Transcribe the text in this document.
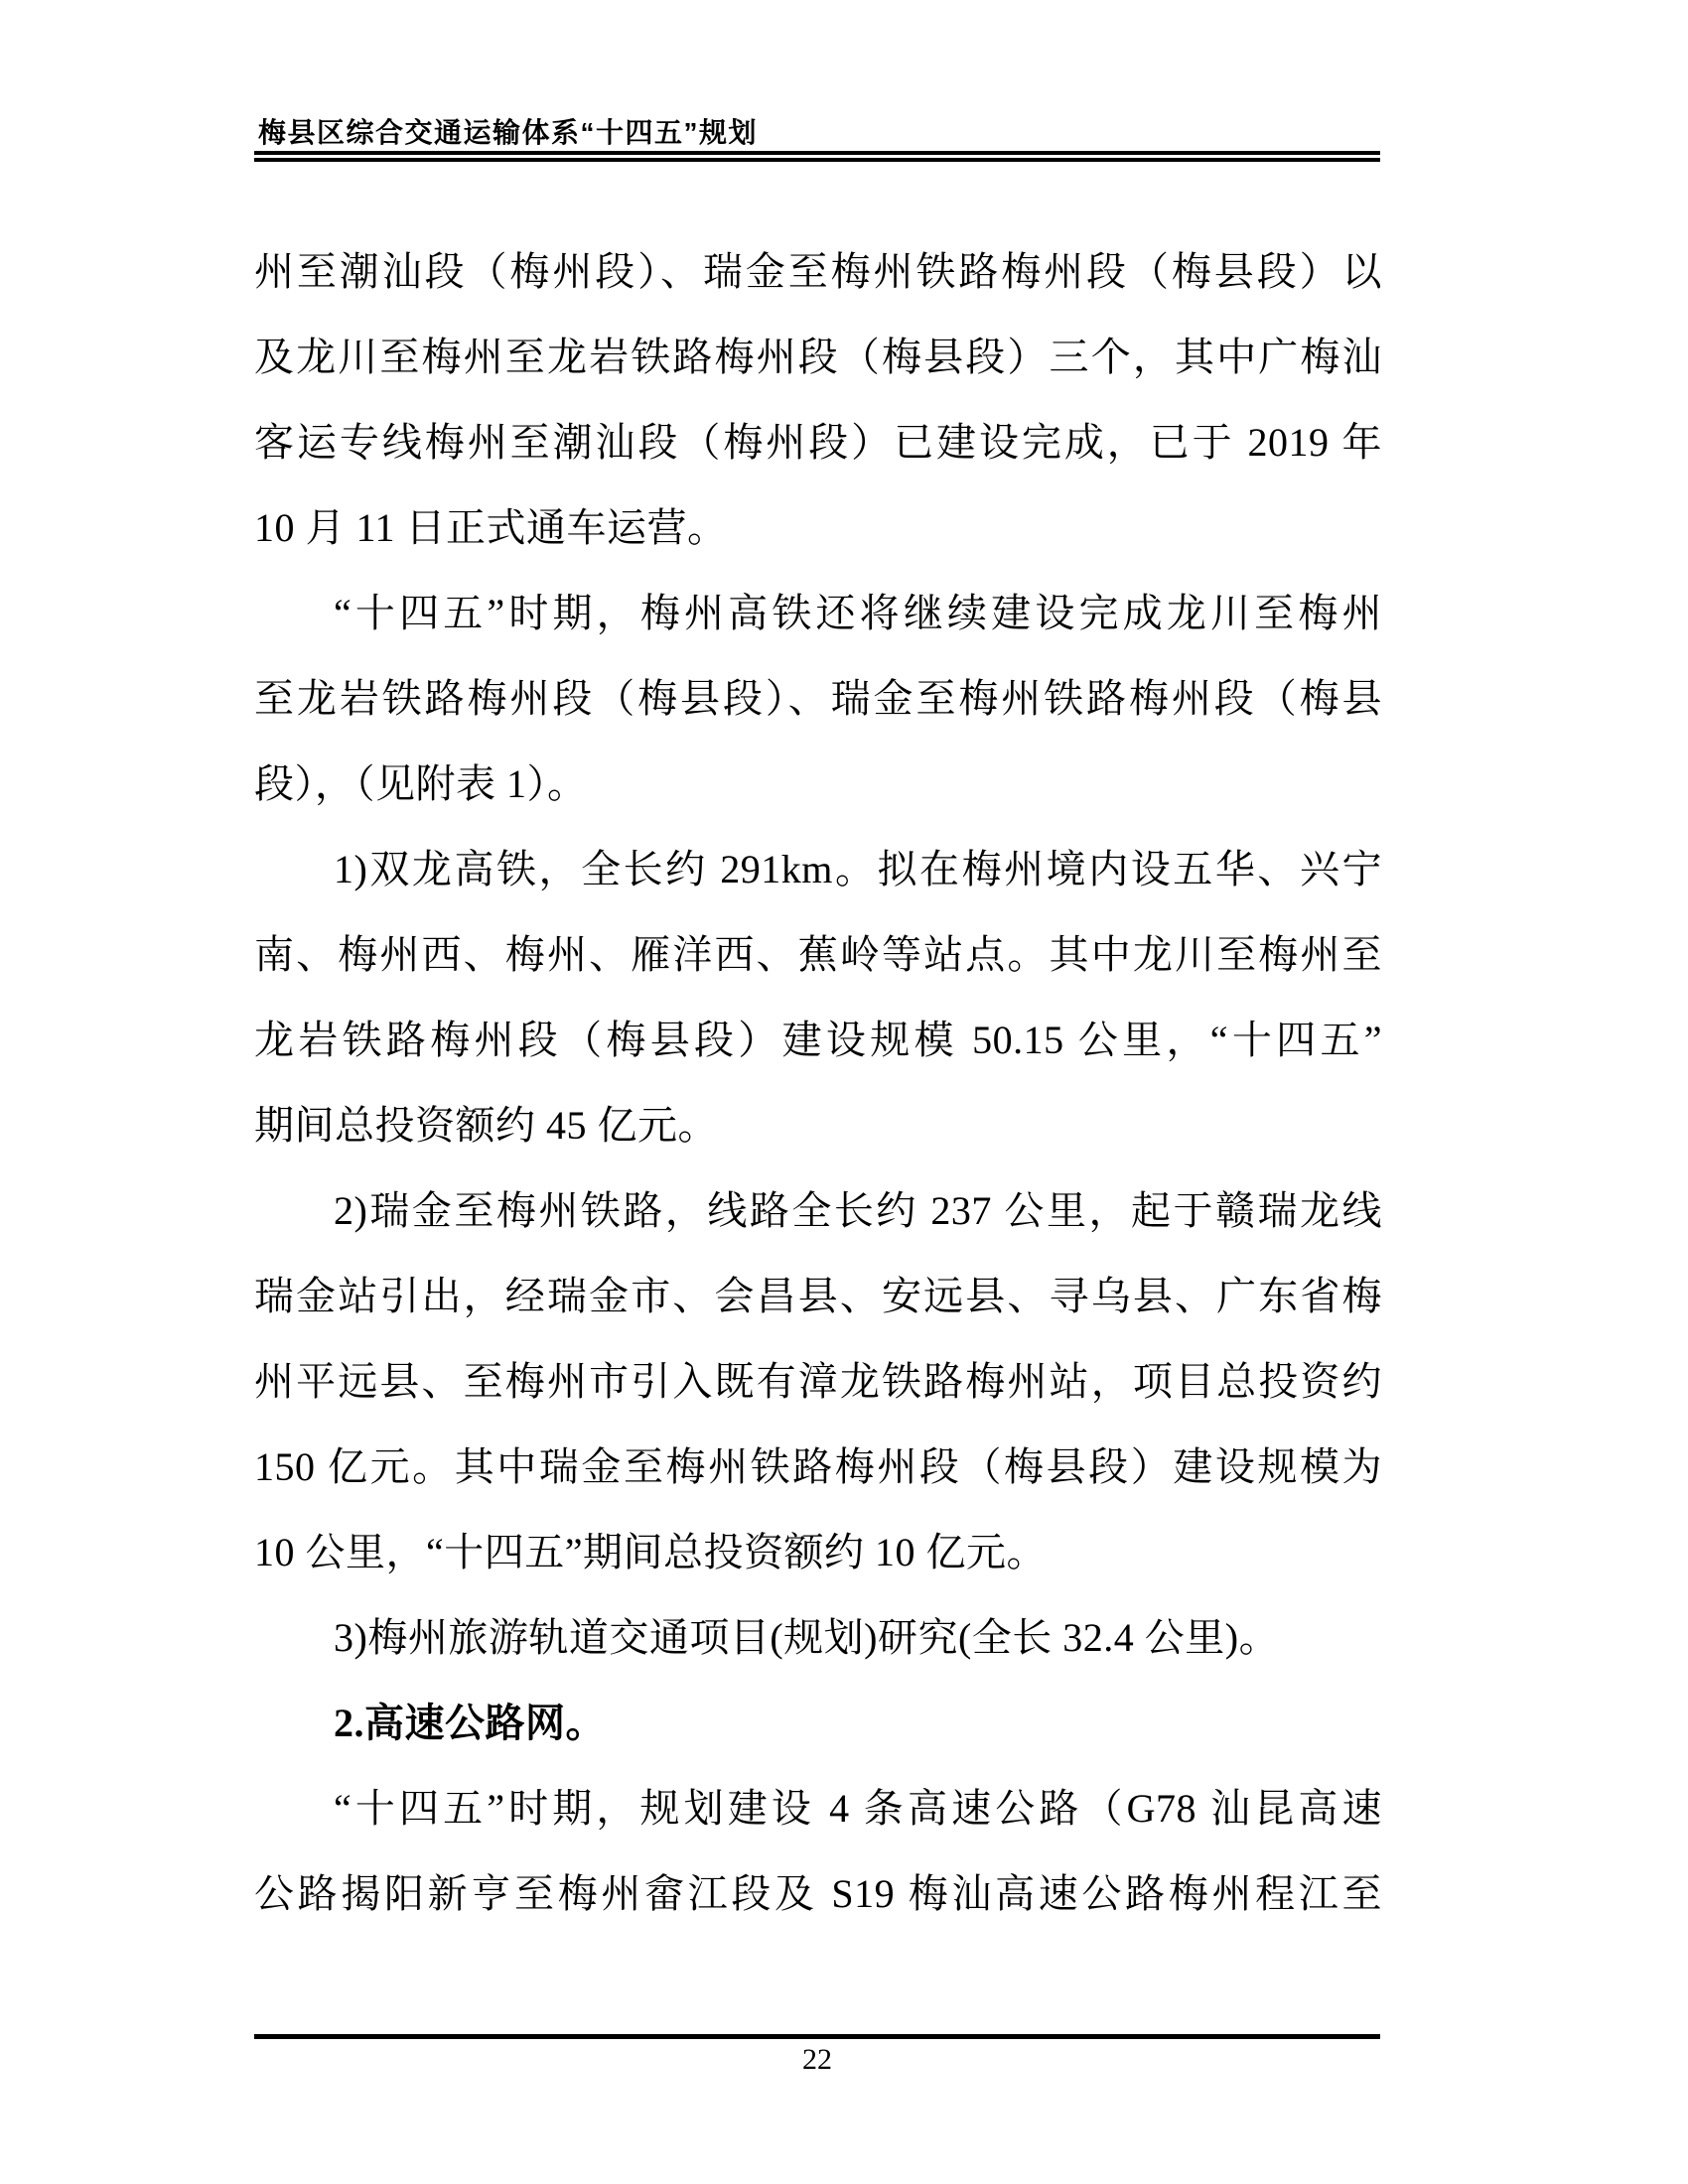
梅县区综合交通运输体系“十四五”规划
州至潮汕段（梅州段）、瑞金至梅州铁路梅州段（梅县段）以
及龙川至梅州至龙岩铁路梅州段（梅县段）三个，其中广梅汕
客运专线梅州至潮汕段（梅州段）已建设完成，已于 2019 年
10 月 11 日正式通车运营。
“十四五”时期，梅州高铁还将继续建设完成龙川至梅州
至龙岩铁路梅州段（梅县段）、瑞金至梅州铁路梅州段（梅县
段），（见附表 1）。
1)双龙高铁，全长约 291km。拟在梅州境内设五华、兴宁
南、梅州西、梅州、雁洋西、蕉岭等站点。其中龙川至梅州至
龙岩铁路梅州段（梅县段）建设规模 50.15 公里，“十四五”
期间总投资额约 45 亿元。
2)瑞金至梅州铁路，线路全长约 237 公里，起于赣瑞龙线
瑞金站引出，经瑞金市、会昌县、安远县、寻乌县、广东省梅
州平远县、至梅州市引入既有漳龙铁路梅州站，项目总投资约
150 亿元。其中瑞金至梅州铁路梅州段（梅县段）建设规模为
10 公里，“十四五”期间总投资额约 10 亿元。
3)梅州旅游轨道交通项目(规划)研究(全长 32.4 公里)。
2.高速公路网。
“十四五”时期，规划建设 4 条高速公路（G78 汕昆高速
公路揭阳新亨至梅州畲江段及 S19 梅汕高速公路梅州程江至
22
